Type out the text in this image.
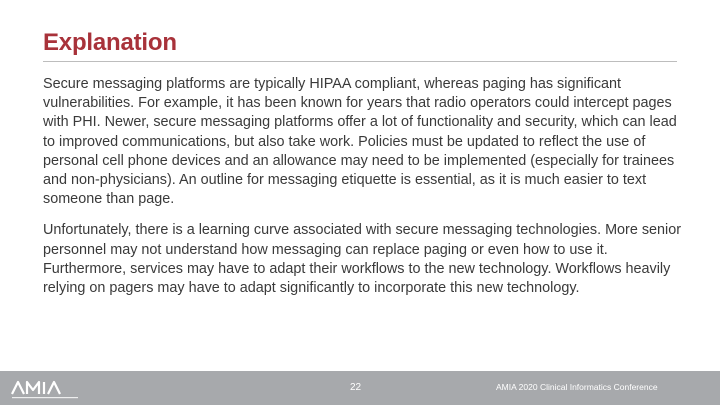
Explanation

Secure messaging platforms are typically HIPAA compliant, whereas paging has significant vulnerabilities. For example, it has been known for years that radio operators could intercept pages with PHI. Newer, secure messaging platforms offer a lot of functionality and security, which can lead to improved communications, but also take work. Policies must be updated to reflect the use of personal cell phone devices and an allowance may need to be implemented (especially for trainees and non-physicians). An outline for messaging etiquette is essential, as it is much easier to text someone than page.

Unfortunately, there is a learning curve associated with secure messaging technologies. More senior personnel may not understand how messaging can replace paging or even how to use it. Furthermore, services may have to adapt their workflows to the new technology. Workflows heavily relying on pagers may have to adapt significantly to incorporate this new technology.

22	AMIA 2020 Clinical Informatics Conference
